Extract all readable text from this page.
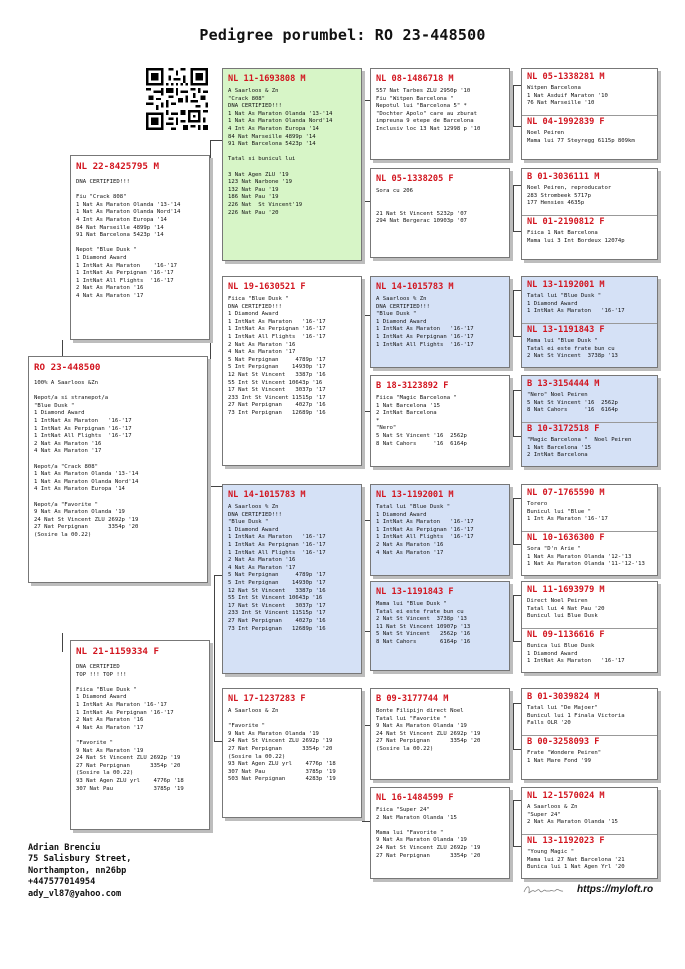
Pedigree porumbel: RO 23-448500
RO 23-448500
100% A Saarloos &Zn
Nepot/a si stranepot/a
"Blue Dusk "
1 Diamond Award
1 IntNat As Maraton   '16-'17
1 IntNat As Perpignan '16-'17
1 IntNat All Flights  '16-'17
2 Nat As Maraton '16
4 Nat As Maraton '17
Nepot/a "Crack 808"
1 Nat As Maraton Olanda '13-'14
1 Nat As Maraton Olanda Nord'14
4 Int As Maraton Europa '14
Nepot/a "Favorite "
9 Nat As Maraton Olanda '19
24 Nat St Vincent ZLU 2692p '19
27 Nat Perpignan      3354p '20
(Sosire la 00.22)
NL 22-8425795 M
DNA CERTIFIED!!!
Fiu "Crack 808"
1 Nat As Maraton Olanda '13-'14
1 Nat As Maraton Olanda Nord'14
4 Int As Maraton Europa '14
84 Nat Marseille 4899p '14
91 Nat Barcelona 5423p '14
Nepot "Blue Dusk "
1 Diamond Award
1 IntNat As Maraton    '16-'17
1 IntNat As Perpignan '16-'17
1 IntNat All Flights  '16-'17
2 Nat As Maraton '16
4 Nat As Maraton '17
NL 21-1159334 F
DNA CERTIFIED
TOP !!! TOP !!!
Fiica "Blue Dusk "
1 Diamond Award
1 IntNat As Maraton '16-'17
1 IntNat As Perpignan '16-'17
2 Nat As Maraton '16
4 Nat As Maraton '17
"Favorite "
9 Nat As Maraton '19
24 Nat St Vincent ZLU 2692p '19
27 Nat Perpignan      3354p '20
(Sosire la 00.22)
93 Nat Agen ZLU yrl    4776p '18
307 Nat Pau            3785p '19
NL 11-1693808 M
A Saarloos & Zn
"Crack 808"
DNA CERTIFIED!!!
1 Nat As Maraton Olanda '13-'14
1 Nat As Maraton Olanda Nord'14
4 Int As Maraton Europa '14
84 Nat Marseille 4899p '14
91 Nat Barcelona 5423p '14
Tatal si bunicul lui
3 Nat Agen ZLU '19
123 Nat Narbone '19
132 Nat Pau '19
186 Nat Pau '19
226 Nat  St Vincent'19
226 Nat Pau '20
NL 19-1630521 F
Fiica "Blue Dusk "
DNA CERTIFIED!!!
1 Diamond Award
1 IntNat As Maraton   '16-'17
1 IntNat As Perpignan '16-'17
1 IntNat All Flights  '16-'17
2 Nat As Maraton '16
4 Nat As Maraton '17
5 Nat Perpignan     4789p '17
5 Int Perpignan    14930p '17
12 Nat St Vincent   3387p '16
55 Int St Vincent 10643p '16
17 Nat St Vincent   3037p '17
233 Int St Vincent 11515p '17
27 Nat Perpignan    4027p '16
73 Int Perpignan   12689p '16
NL 14-1015783 M
A Saarloos % Zn
DNA CERTIFIED!!!
"Blue Dusk "
1 Diamond Award
1 IntNat As Maraton   '16-'17
1 IntNat As Perpignan '16-'17
1 IntNat All Flights  '16-'17
2 Nat As Maraton '16
4 Nat As Maraton '17
5 Nat Perpignan     4789p '17
5 Int Perpignan    14930p '17
12 Nat St Vincent   3387p '16
55 Int St Vincent 10643p '16
17 Nat St Vincent   3037p '17
233 Int St Vincent 11515p '17
27 Nat Perpignan    4027p '16
73 Int Perpignan   12689p '16
NL 17-1237283 F
A Saarloos & Zn
"Favorite "
9 Nat As Maraton Olanda '19
24 Nat St Vincent ZLU 2692p '19
27 Nat Perpignan      3354p '20
(Sosire la 00.22)
93 Nat Agen ZLU yrl    4776p '18
307 Nat Pau            3785p '19
503 Nat Perpignan      4283p '19
NL 08-1486718 M
557 Nat Tarbes ZLU 2950p '10
Fiu "Witpen Barcelona "
Nepotul lui "Barcelona 5" *
"Dochter Apolo" care au zburat
impreuna 9 etepe de Barcelona
Inclusiv loc 13 Nat 12998 p '10
NL 05-1338205 F
Sora cu 206
21 Nat St Vincent 5232p '07
294 Nat Bergerac 10903p '07
NL 14-1015783 M
A Saarloos % Zn
DNA CERTIFIED!!!
"Blue Dusk "
1 Diamond Award
1 IntNat As Maraton   '16-'17
1 IntNat As Perpignan '16-'17
1 IntNat All Flights  '16-'17
B 18-3123892 F
Fiica "Magic Barcelona "
1 Nat Barcelona '15
2 IntNat Barcelona
*
"Nero"
5 Nat St Vincent '16  2562p
8 Nat Cahors     '16  6164p
NL 13-1192001 M
Tatal lui "Blue Dusk "
1 Diamond Award
1 IntNat As Maraton   '16-'17
1 IntNat As Perpignan '16-'17
1 IntNat All Flights  '16-'17
2 Nat As Maraton '16
4 Nat As Maraton '17
NL 13-1191843 F
Mama lui "Blue Dusk "
Tatal ei este frate bun cu
2 Nat St Vincent  3738p '13
11 Nat St Vincent 10907p '13
5 Nat St Vincent   2562p '16
8 Nat Cahors       6164p '16
B 09-3177744 M
Bonte Filipijn direct Noel
Tatal lui "Favorite "
9 Nat As Maraton Olanda '19
24 Nat St Vincent ZLU 2692p '19
27 Nat Perpignan      3354p '20
(Sosire la 00.22)
NL 16-1484599 F
Fiica "Super 24"
2 Nat Maraton Olanda '15
Mama lui "Favorite "
9 Nat As Maraton Olanda '19
24 Nat St Vincent ZLU 2692p '19
27 Nat Perpignan      3354p '20
NL 05-1338281 M
Witpen Barcelona
1 Nat Asduif Maraton '10
76 Nat Marseille '10
NL 04-1992839 F
Noel Peiren
Mama lui 77 Steyregg 6115p 809km
B 01-3036111 M
Noel Peiren, reproducator
283 Strombeek 5717p
177 Hensies 4635p
NL 01-2190812 F
Fiica 1 Nat Barcelona
Mama lui 3 Int Bordeux 12074p
NL 13-1192001 M
Tatal lui "Blue Dusk "
1 Diamond Award
1 IntNat As Maraton   '16-'17
NL 13-1191843 F
Mama lui "Blue Dusk "
Tatal ei este frate bun cu
2 Nat St Vincent  3738p '13
B 13-3154444 M
"Nero" Noel Peiren
5 Nat St Vincent '16  2562p
8 Nat Cahors     '16  6164p
B 10-3172518 F
"Magic Barcelona "  Noel Peiren
1 Nat Barcelona '15
2 IntNat Barcelona
NL 07-1765590 M
Torero
Bunicul lui "Blue "
1 Int As Maraton '16-'17
NL 10-1636300 F
Sora "D'n Arie "
1 Nat As Maraton Olanda '12-'13
1 Nat As Maraton Olanda '11-'12-'13
NL 11-1693979 M
Direct Noel Peiren
Tatal lui 4 Nat Pau '20
Bunicul lui Blue Dusk
NL 09-1136616 F
Bunica lui Blue Dusk
1 Diamond Award
1 IntNat As Maraton   '16-'17
B 01-3039824 M
Tatal lui "De Majoer"
Bunicul lui 1 Finala Victoria
Falls OLR '20
B 00-3258093 F
Frate "Wondere Peiren"
1 Nat Mare Fond '99
NL 12-1570024 M
A Saarloos & Zn
"Super 24"
2 Nat As Maraton Olanda '15
NL 13-1192023 F
"Young Magic "
Mama lui 27 Nat Barcelona '21
Bunica lui 1 Nat Agen Yrl '20
Adrian Brenciu
75 Salisbury Street,
Northampton, nn26bp
+447577014954
ady_vl87@yahoo.com	https://myloft.ro
